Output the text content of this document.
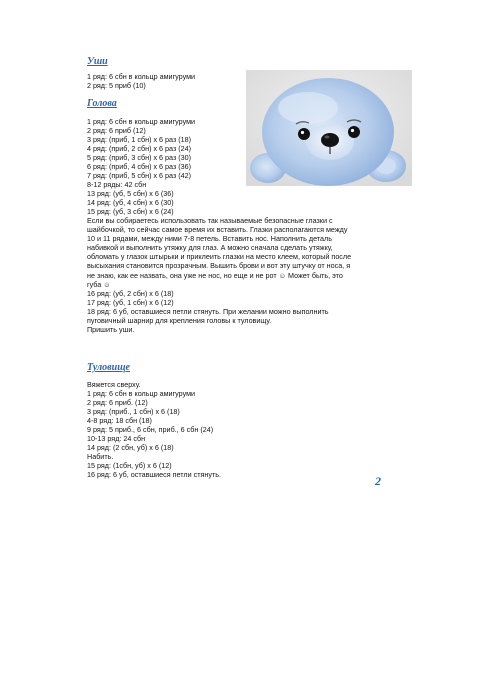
Уши
1 ряд: 6 сбн в кольцр амигуруми
2 ряд: 5 приб (10)
Голова
1 ряд: 6 сбн в кольцр амигуруми
2 ряд: 6 приб (12)
3 ряд: (приб, 1 сбн) х 6 раз (18)
4 ряд: (приб, 2 сбн) х 6 раз (24)
5 ряд: (приб, 3 сбн) х 6 раз (30)
6 ряд: (приб, 4 сбн) х 6 раз (36)
7 ряд: (приб, 5 сбн) х 6 раз (42)
8-12 ряды: 42 сбн
13 ряд: (уб, 5 сбн) х 6 (36)
14 ряд: (уб, 4 сбн) х 6 (30)
15 ряд: (уб, 3 сбн) х 6 (24)
Если вы собираетесь использовать так называемые безопасные глазки с
шайбочкой, то сейчас самое время их вставить. Глазки располагаются между
10 и 11 рядами, между ними 7-8 петель. Вставить нос. Наполнить деталь
набивкой и выполнить утяжку для глаз. А можно сначала сделать утяжку,
обломать у глазок штырьки и приклеить глазки на место клеем, который после
высыхания становится прозрачным. Вышить брови и вот эту штучку от носа, я
не знаю, как ее назвать, она уже не нос, но еще и не рот ☺ Может быть, это
губа ☺
16 ряд: (уб, 2 сбн) х 6 (18)
17 ряд: (уб, 1 сбн) х 6 (12)
18 ряд: 6 уб, оставшиеся петли стянуть. При желании можно выполнить
пуговичный шарнир для крепления головы к туловищу.
Пришить уши.
Туловище
Вяжется сверху.
1 ряд: 6 сбн в кольцр амигуруми
2 ряд: 6 приб. (12)
3 ряд: (приб., 1 сбн) х 6 (18)
4-8 ряд: 18 сбн (18)
9 ряд: 5 приб., 6 сбн, приб., 6 сбн (24)
10-13 ряд: 24 сбн
14 ряд: (2 сбн, уб) х 6 (18)
Набить.
15 ряд: (1сбн, уб) х 6 (12)
16 ряд: 6 уб, оставшиеся петли стянуть.	2
